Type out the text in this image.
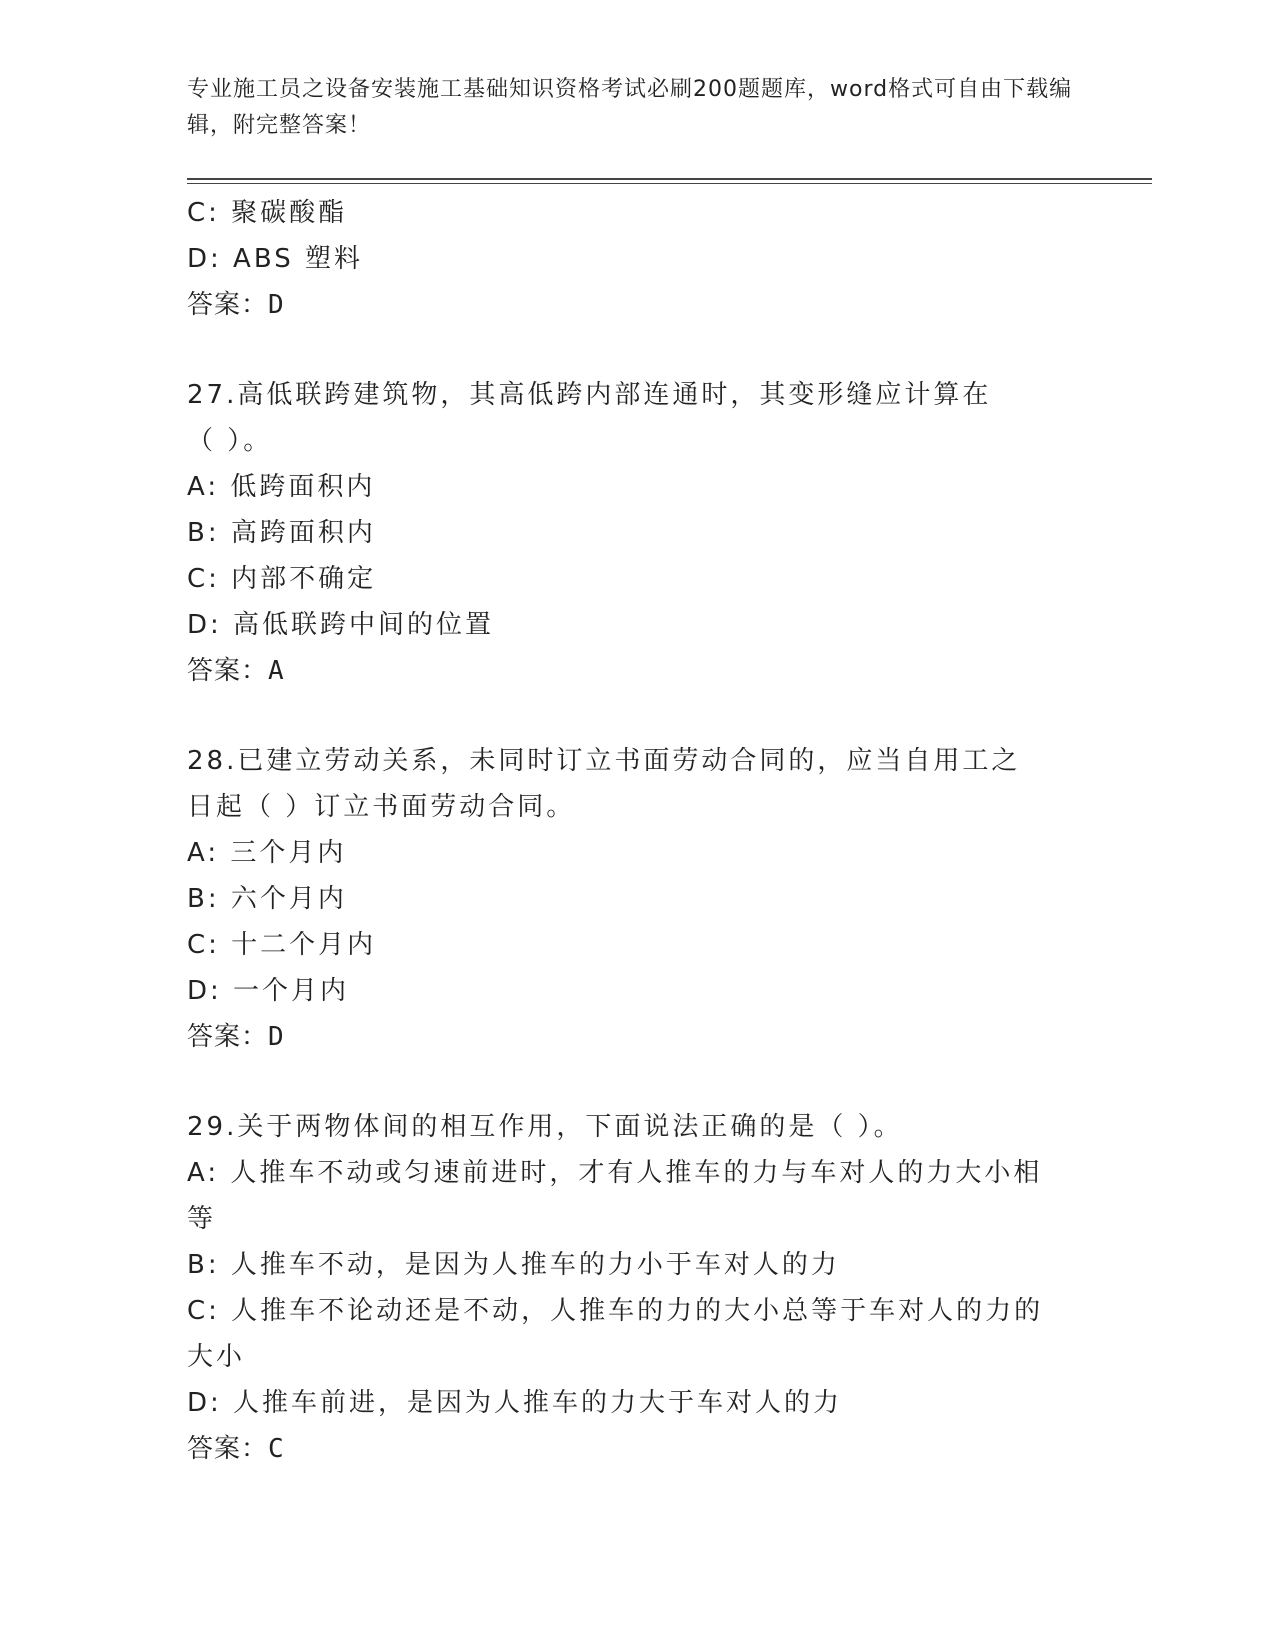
专业施工员之设备安装施工基础知识资格考试必刷200题题库，word格式可自由下载编辑，附完整答案！
C: 聚碳酸酯
D: ABS 塑料
答案：D
27.高低联跨建筑物，其高低跨内部连通时，其变形缝应计算在（ ）。
A: 低跨面积内
B: 高跨面积内
C: 内部不确定
D: 高低联跨中间的位置
答案：A
28.已建立劳动关系，未同时订立书面劳动合同的，应当自用工之日起（ ）订立书面劳动合同。
A: 三个月内
B: 六个月内
C: 十二个月内
D: 一个月内
答案：D
29.关于两物体间的相互作用，下面说法正确的是（ ）。
A: 人推车不动或匀速前进时，才有人推车的力与车对人的力大小相等
B: 人推车不动，是因为人推车的力小于车对人的力
C: 人推车不论动还是不动，人推车的力的大小总等于车对人的力的大小
D: 人推车前进，是因为人推车的力大于车对人的力
答案：C
